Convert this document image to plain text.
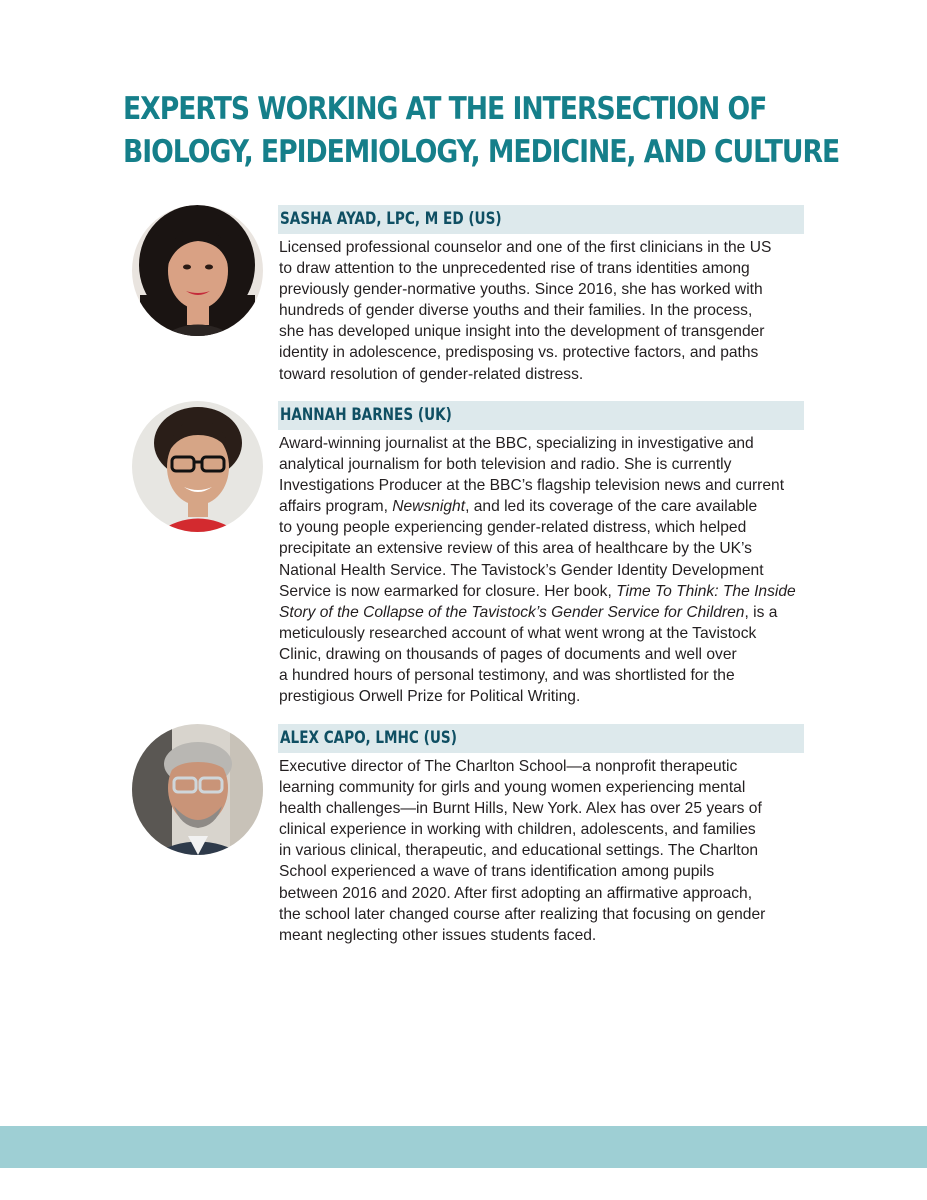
EXPERTS WORKING AT THE INTERSECTION OF
BIOLOGY, EPIDEMIOLOGY, MEDICINE, AND CULTURE
SASHA AYAD, LPC, M ED (US)

Licensed professional counselor and one of the first clinicians in the US
to draw attention to the unprecedented rise of trans identities among
previously gender-normative youths. Since 2016, she has worked with
hundreds of gender diverse youths and their families. In the process,
she has developed unique insight into the development of transgender
identity in adolescence, predisposing vs. protective factors, and paths
toward resolution of gender-related distress.

HANNAH BARNES (UK)

Award-winning journalist at the BBC, specializing in investigative and
analytical journalism for both television and radio. She is currently
Investigations Producer at the BBC’s flagship television news and current
affairs program, Newsnight, and led its coverage of the care available
to young people experiencing gender-related distress, which helped
precipitate an extensive review of this area of healthcare by the UK’s
National Health Service. The Tavistock’s Gender Identity Development
Service is now earmarked for closure. Her book, Time To Think: The Inside
Story of the Collapse of the Tavistock’s Gender Service for Children, is a
meticulously researched account of what went wrong at the Tavistock
Clinic, drawing on thousands of pages of documents and well over
a hundred hours of personal testimony, and was shortlisted for the
prestigious Orwell Prize for Political Writing.

ALEX CAPO, LMHC (US)

Executive director of The Charlton School—a nonprofit therapeutic
learning community for girls and young women experiencing mental
health challenges—in Burnt Hills, New York. Alex has over 25 years of
clinical experience in working with children, adolescents, and families
in various clinical, therapeutic, and educational settings. The Charlton
School experienced a wave of trans identification among pupils
between 2016 and 2020. After first adopting an affirmative approach,
the school later changed course after realizing that focusing on gender
meant neglecting other issues students faced.
